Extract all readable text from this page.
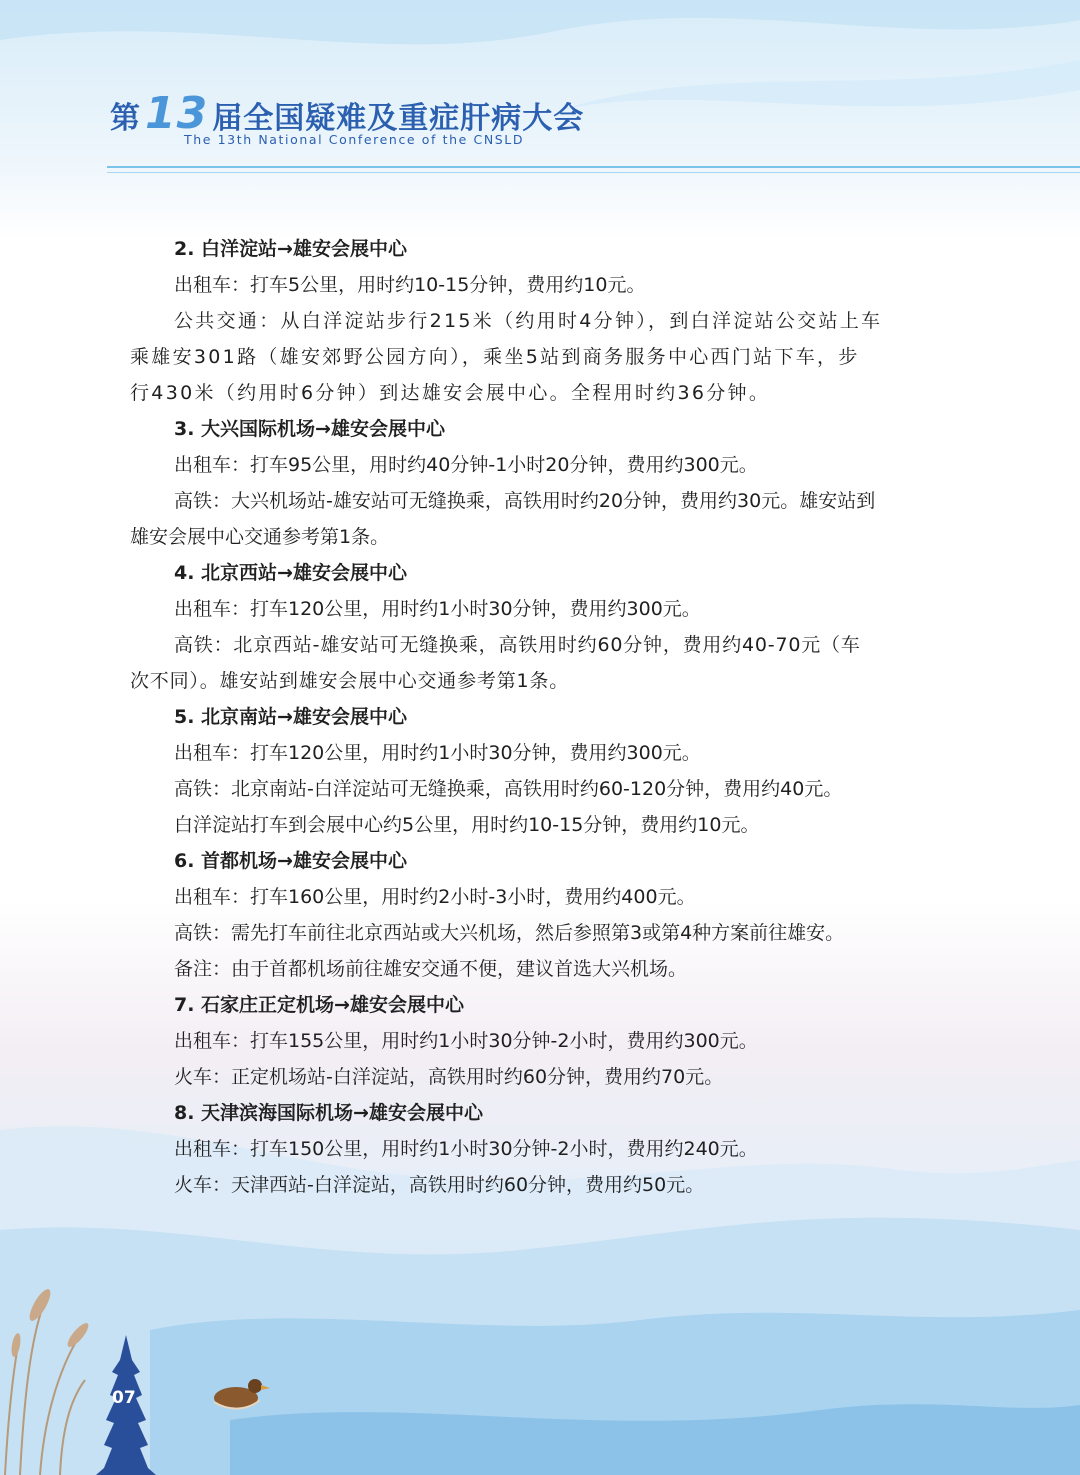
第 13 届全国疑难及重症肝病大会
The 13th National Conference of the CNSLD
2. 白洋淀站→雄安会展中心
出租车：打车5公里，用时约10-15分钟，费用约10元。
公共交通：从白洋淀站步行215米（约用时4分钟），到白洋淀站公交站上车
乘雄安301路（雄安郊野公园方向），乘坐5站到商务服务中心西门站下车，步
行430米（约用时6分钟）到达雄安会展中心。全程用时约36分钟。
3. 大兴国际机场→雄安会展中心
出租车：打车95公里，用时约40分钟-1小时20分钟，费用约300元。
高铁：大兴机场站-雄安站可无缝换乘，高铁用时约20分钟，费用约30元。雄安站到
雄安会展中心交通参考第1条。
4. 北京西站→雄安会展中心
出租车：打车120公里，用时约1小时30分钟，费用约300元。
高铁：北京西站-雄安站可无缝换乘，高铁用时约60分钟，费用约40-70元（车
次不同）。雄安站到雄安会展中心交通参考第1条。
5. 北京南站→雄安会展中心
出租车：打车120公里，用时约1小时30分钟，费用约300元。
高铁：北京南站-白洋淀站可无缝换乘，高铁用时约60-120分钟，费用约40元。
白洋淀站打车到会展中心约5公里，用时约10-15分钟，费用约10元。
6. 首都机场→雄安会展中心
出租车：打车160公里，用时约2小时-3小时，费用约400元。
高铁：需先打车前往北京西站或大兴机场，然后参照第3或第4种方案前往雄安。
备注：由于首都机场前往雄安交通不便，建议首选大兴机场。
7. 石家庄正定机场→雄安会展中心
出租车：打车155公里，用时约1小时30分钟-2小时，费用约300元。
火车：正定机场站-白洋淀站，高铁用时约60分钟，费用约70元。
8. 天津滨海国际机场→雄安会展中心
出租车：打车150公里，用时约1小时30分钟-2小时，费用约240元。
火车：天津西站-白洋淀站，高铁用时约60分钟，费用约50元。
07
